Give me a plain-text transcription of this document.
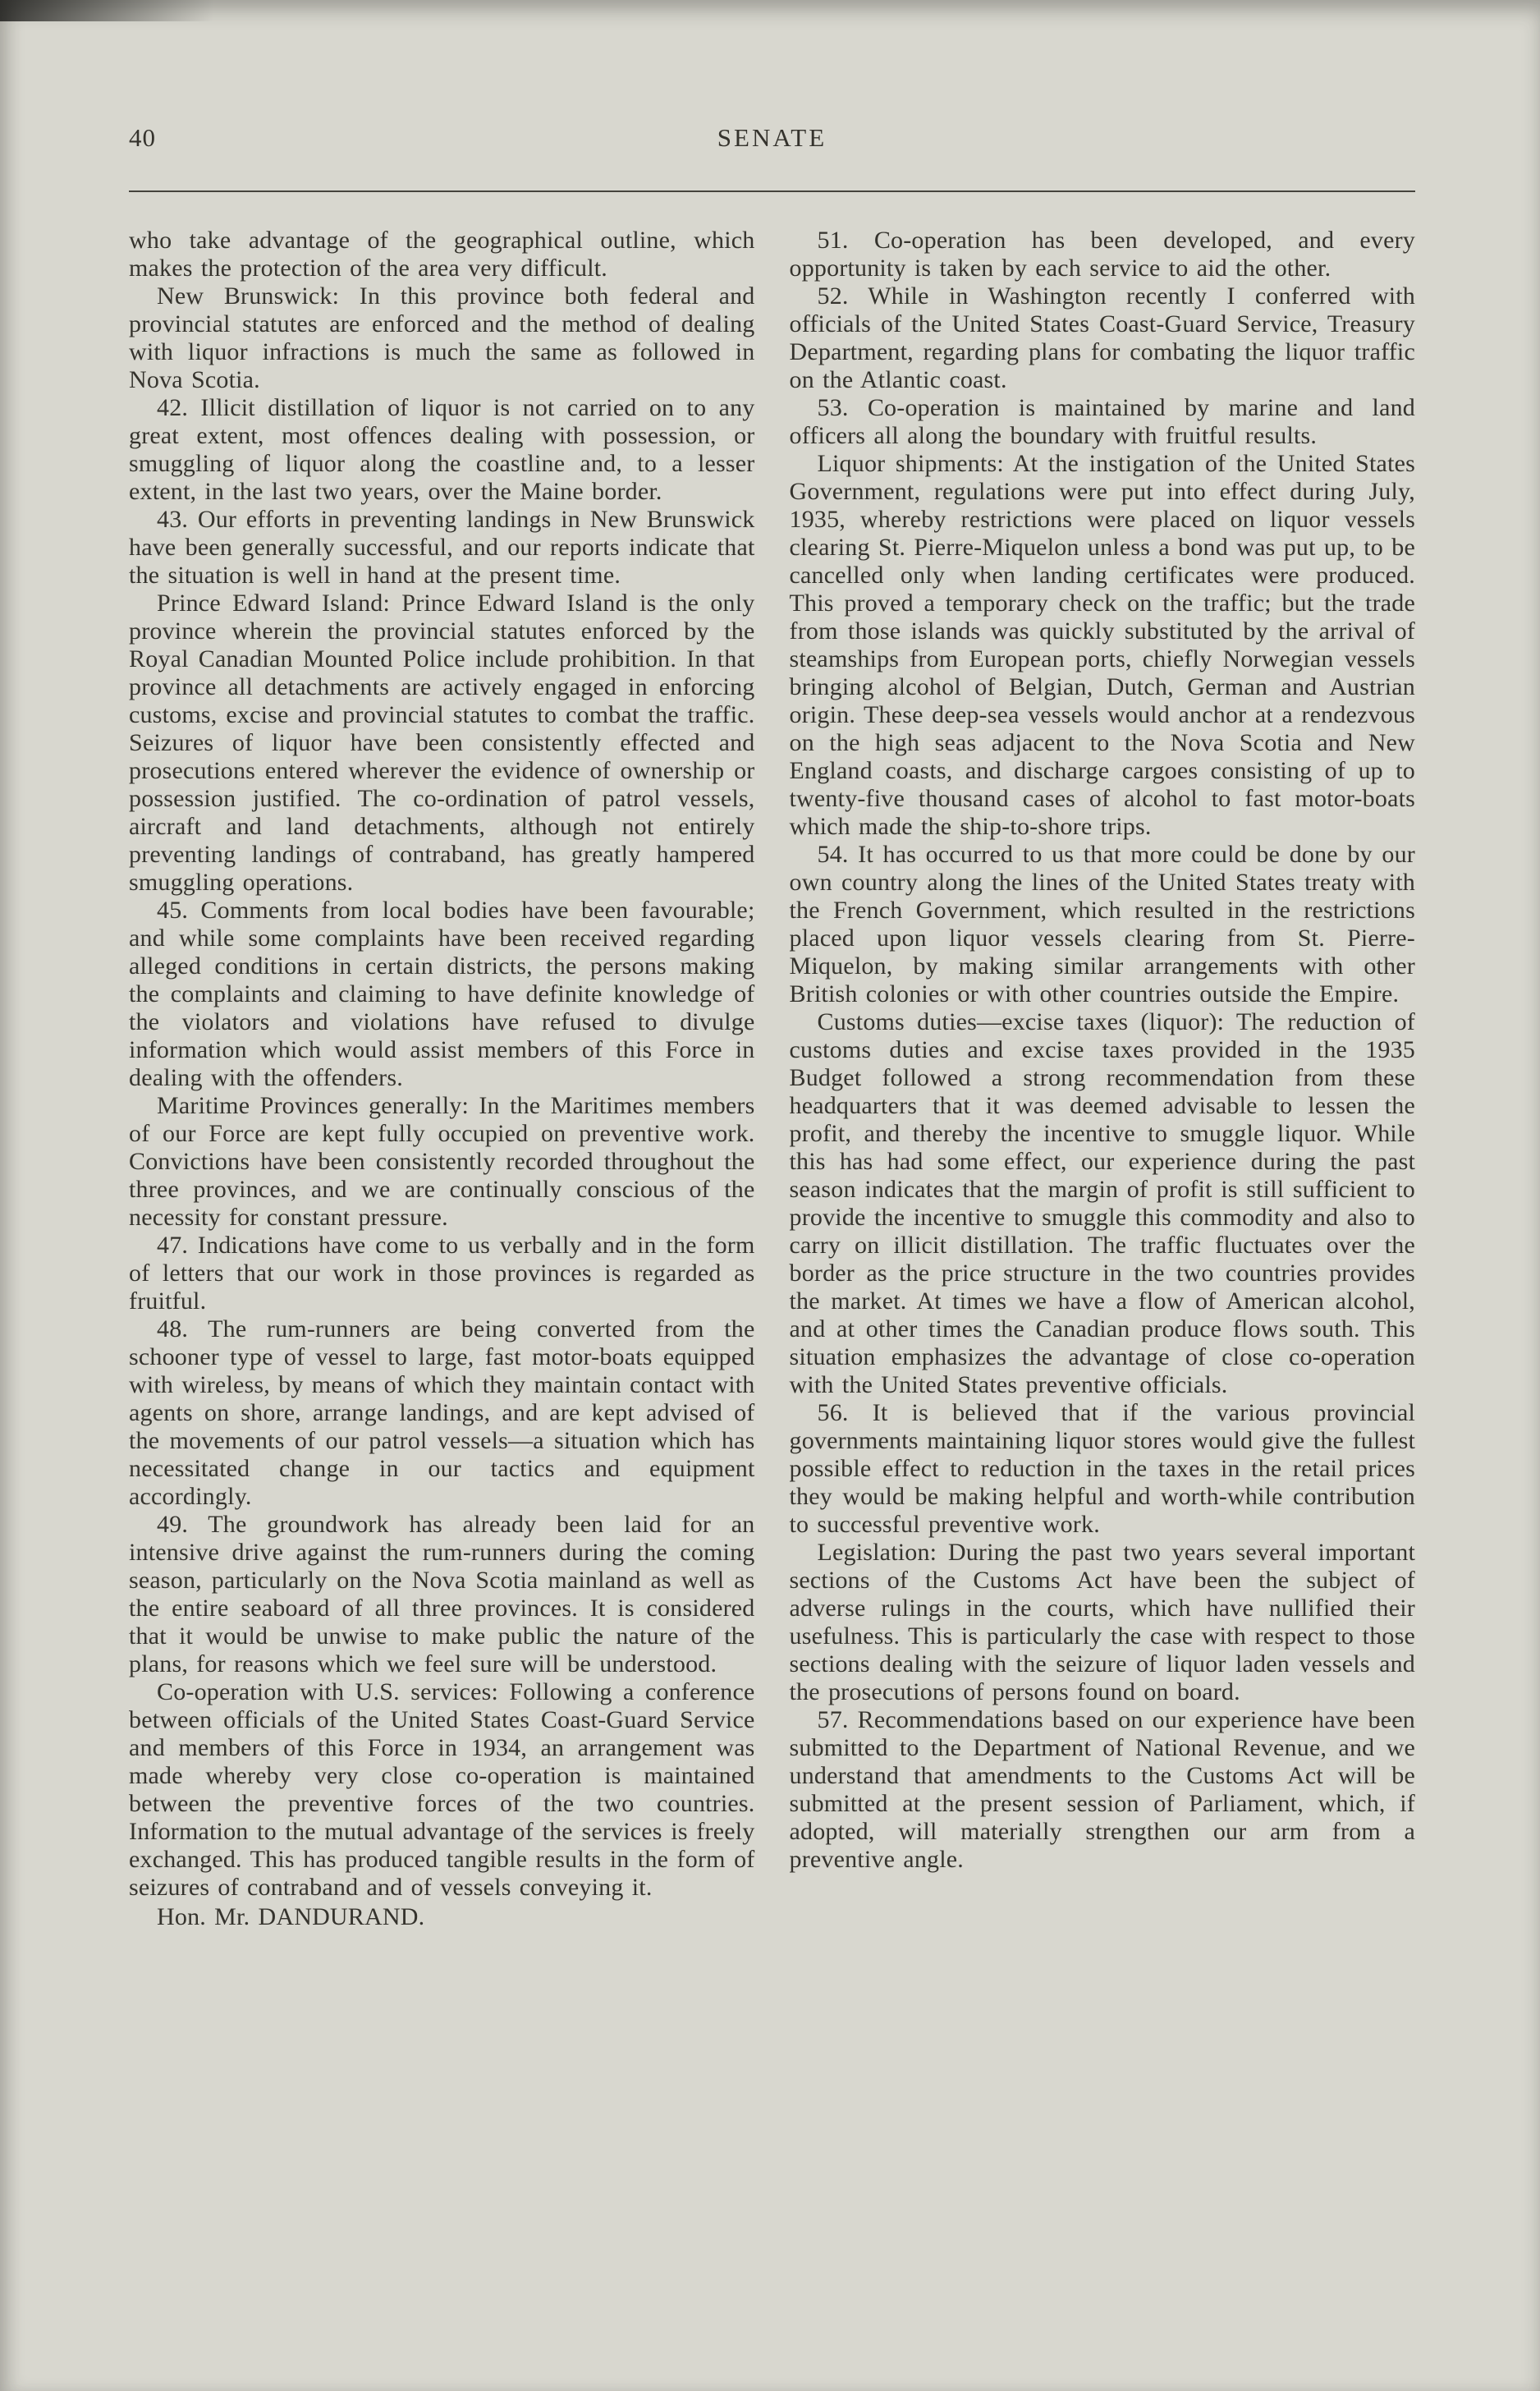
40	SENATE

who take advantage of the geographical outline, which makes the protection of the area very difficult.

New Brunswick: In this province both federal and provincial statutes are enforced and the method of dealing with liquor infractions is much the same as followed in Nova Scotia.

42. Illicit distillation of liquor is not carried on to any great extent, most offences dealing with possession, or smuggling of liquor along the coastline and, to a lesser extent, in the last two years, over the Maine border.

43. Our efforts in preventing landings in New Brunswick have been generally successful, and our reports indicate that the situation is well in hand at the present time.

Prince Edward Island: Prince Edward Island is the only province wherein the provincial statutes enforced by the Royal Canadian Mounted Police include prohibition. In that province all detachments are actively engaged in enforcing customs, excise and provincial statutes to combat the traffic. Seizures of liquor have been consistently effected and prosecutions entered wherever the evidence of ownership or possession justified. The co-ordination of patrol vessels, aircraft and land detachments, although not entirely preventing landings of contraband, has greatly hampered smuggling operations.

45. Comments from local bodies have been favourable; and while some complaints have been received regarding alleged conditions in certain districts, the persons making the complaints and claiming to have definite knowledge of the violators and violations have refused to divulge information which would assist members of this Force in dealing with the offenders.

Maritime Provinces generally: In the Maritimes members of our Force are kept fully occupied on preventive work. Convictions have been consistently recorded throughout the three provinces, and we are continually conscious of the necessity for constant pressure.

47. Indications have come to us verbally and in the form of letters that our work in those provinces is regarded as fruitful.

48. The rum-runners are being converted from the schooner type of vessel to large, fast motor-boats equipped with wireless, by means of which they maintain contact with agents on shore, arrange landings, and are kept advised of the movements of our patrol vessels—a situation which has necessitated change in our tactics and equipment accordingly.

49. The groundwork has already been laid for an intensive drive against the rum-runners during the coming season, particularly on the Nova Scotia mainland as well as the entire seaboard of all three provinces. It is considered that it would be unwise to make public the nature of the plans, for reasons which we feel sure will be understood.

Co-operation with U.S. services: Following a conference between officials of the United States Coast-Guard Service and members of this Force in 1934, an arrangement was made whereby very close co-operation is maintained between the preventive forces of the two countries. Information to the mutual advantage of the services is freely exchanged. This has produced tangible results in the form of seizures of contraband and of vessels conveying it.

Hon. Mr. DANDURAND.

51. Co-operation has been developed, and every opportunity is taken by each service to aid the other.

52. While in Washington recently I conferred with officials of the United States Coast-Guard Service, Treasury Department, regarding plans for combating the liquor traffic on the Atlantic coast.

53. Co-operation is maintained by marine and land officers all along the boundary with fruitful results.

Liquor shipments: At the instigation of the United States Government, regulations were put into effect during July, 1935, whereby restrictions were placed on liquor vessels clearing St. Pierre-Miquelon unless a bond was put up, to be cancelled only when landing certificates were produced. This proved a temporary check on the traffic; but the trade from those islands was quickly substituted by the arrival of steamships from European ports, chiefly Norwegian vessels bringing alcohol of Belgian, Dutch, German and Austrian origin. These deep-sea vessels would anchor at a rendezvous on the high seas adjacent to the Nova Scotia and New England coasts, and discharge cargoes consisting of up to twenty-five thousand cases of alcohol to fast motor-boats which made the ship-to-shore trips.

54. It has occurred to us that more could be done by our own country along the lines of the United States treaty with the French Government, which resulted in the restrictions placed upon liquor vessels clearing from St. Pierre-Miquelon, by making similar arrangements with other British colonies or with other countries outside the Empire.

Customs duties—excise taxes (liquor): The reduction of customs duties and excise taxes provided in the 1935 Budget followed a strong recommendation from these headquarters that it was deemed advisable to lessen the profit, and thereby the incentive to smuggle liquor. While this has had some effect, our experience during the past season indicates that the margin of profit is still sufficient to provide the incentive to smuggle this commodity and also to carry on illicit distillation. The traffic fluctuates over the border as the price structure in the two countries provides the market. At times we have a flow of American alcohol, and at other times the Canadian produce flows south. This situation emphasizes the advantage of close co-operation with the United States preventive officials.

56. It is believed that if the various provincial governments maintaining liquor stores would give the fullest possible effect to reduction in the taxes in the retail prices they would be making helpful and worth-while contribution to successful preventive work.

Legislation: During the past two years several important sections of the Customs Act have been the subject of adverse rulings in the courts, which have nullified their usefulness. This is particularly the case with respect to those sections dealing with the seizure of liquor laden vessels and the prosecutions of persons found on board.

57. Recommendations based on our experience have been submitted to the Department of National Revenue, and we understand that amendments to the Customs Act will be submitted at the present session of Parliament, which, if adopted, will materially strengthen our arm from a preventive angle.
